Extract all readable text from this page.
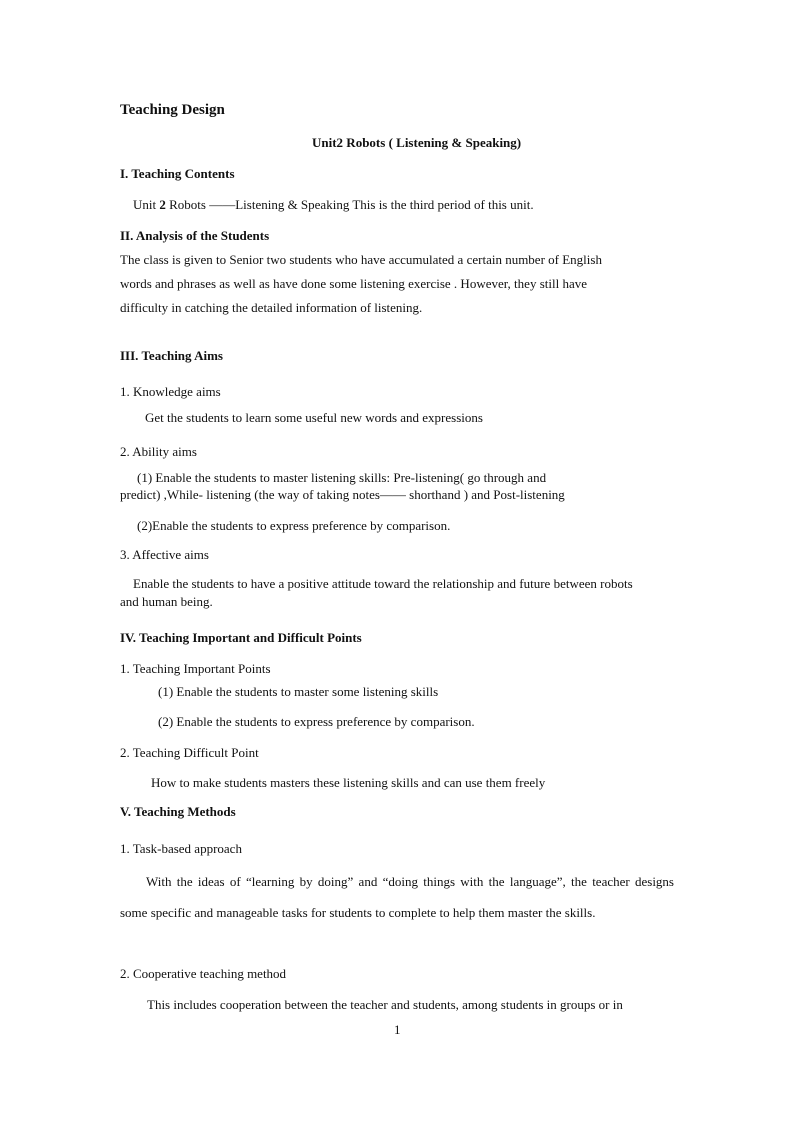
Teaching Design

Unit2 Robots ( Listening & Speaking)

I. Teaching Contents

Unit 2 Robots ——Listening & Speaking This is the third period of this unit.

II. Analysis of the Students

The class is given to Senior two students who have accumulated a certain number of English

words and phrases as well as have done some listening exercise . However, they still have

difficulty in catching the detailed information of listening.

III. Teaching Aims

1. Knowledge aims

Get the students to learn some useful new words and expressions

2. Ability aims

(1) Enable the students to master listening skills: Pre-listening( go through and

predict) ,While- listening (the way of taking notes—— shorthand ) and Post-listening

(2)Enable the students to express preference by comparison.

3. Affective aims

Enable the students to have a positive attitude toward the relationship and future between robots

and human being.

IV. Teaching Important and Difficult Points

1. Teaching Important Points

(1) Enable the students to master some listening skills

(2) Enable the students to express preference by comparison.

2. Teaching Difficult Point

How to make students masters these listening skills and can use them freely

V. Teaching Methods

1. Task-based approach

With the ideas of “learning by doing” and “doing things with the language”, the teacher designs some specific and manageable tasks for students to complete to help them master the skills.

2. Cooperative teaching method

This includes cooperation between the teacher and students, among students in groups or in

1
